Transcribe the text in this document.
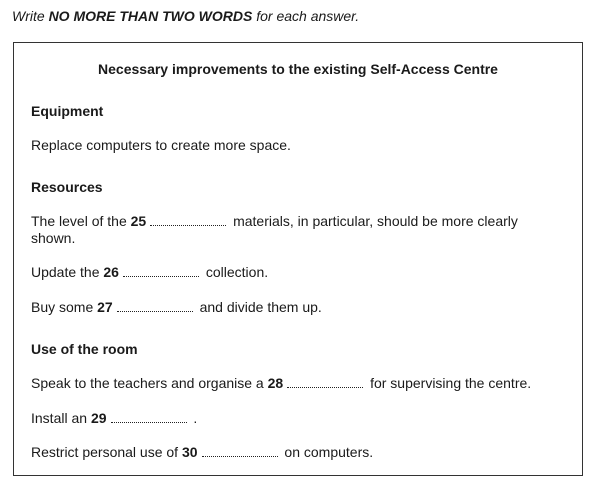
Write NO MORE THAN TWO WORDS for each answer.
Necessary improvements to the existing Self-Access Centre
Equipment
Replace computers to create more space.
Resources
The level of the 25	materials, in particular, should be more clearly shown.
Update the 26	collection.
Buy some 27	and divide them up.
Use of the room
Speak to the teachers and organise a 28	for supervising the centre.
Install an 29	.
Restrict personal use of 30	on computers.
